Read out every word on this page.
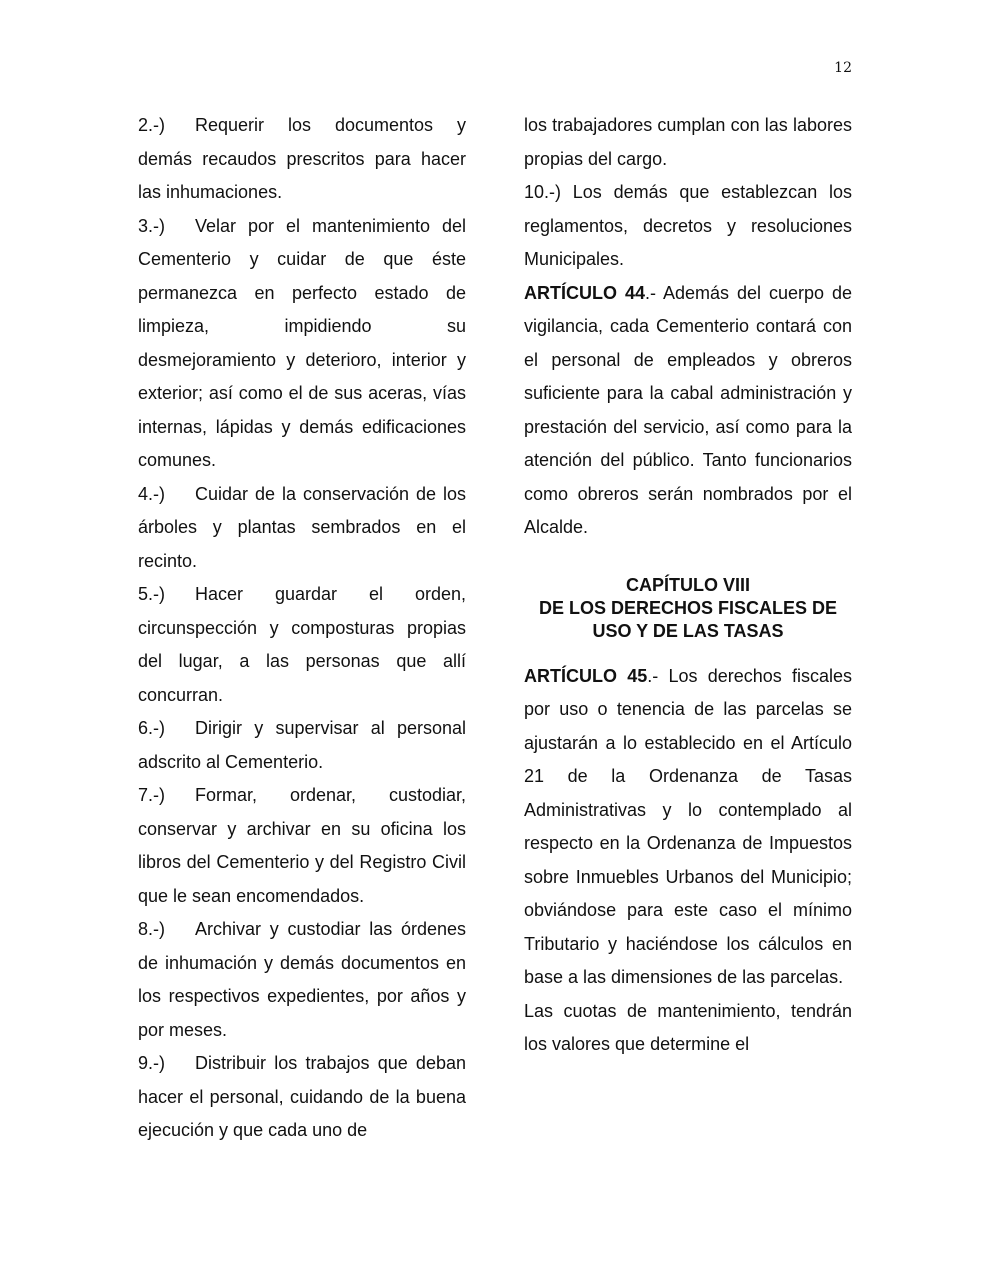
12

2.-) Requerir los documentos y demás recaudos prescritos para hacer las inhumaciones.

3.-) Velar por el mantenimiento del Cementerio y cuidar de que éste permanezca en perfecto estado de limpieza, impidiendo su desmejoramiento y deterioro, interior y exterior; así como el de sus aceras, vías internas, lápidas y demás edificaciones comunes.

4.-) Cuidar de la conservación de los árboles y plantas sembrados en el recinto.

5.-) Hacer guardar el orden, circunspección y composturas propias del lugar, a las personas que allí concurran.

6.-) Dirigir y supervisar al personal adscrito al Cementerio.

7.-) Formar, ordenar, custodiar, conservar y archivar en su oficina los libros del Cementerio y del Registro Civil que le sean encomendados.

8.-) Archivar y custodiar las órdenes de inhumación y demás documentos en los respectivos expedientes, por años y por meses.

9.-) Distribuir los trabajos que deban hacer el personal, cuidando de la buena ejecución y que cada uno de

los trabajadores cumplan con las labores propias del cargo.

10.-) Los demás que establezcan los reglamentos, decretos y resoluciones Municipales.

ARTÍCULO 44.- Además del cuerpo de vigilancia, cada Cementerio contará con el personal de empleados y obreros suficiente para la cabal administración y prestación del servicio, así como para la atención del público. Tanto funcionarios como obreros serán nombrados por el Alcalde.

CAPÍTULO VIII
DE LOS DERECHOS FISCALES DE
USO Y DE LAS TASAS

ARTÍCULO 45.- Los derechos fiscales por uso o tenencia de las parcelas se ajustarán a lo establecido en el Artículo 21 de la Ordenanza de Tasas Administrativas y lo contemplado al respecto en la Ordenanza de Impuestos sobre Inmuebles Urbanos del Municipio; obviándose para este caso el mínimo Tributario y haciéndose los cálculos en base a las dimensiones de las parcelas.

Las cuotas de mantenimiento, tendrán los valores que determine el
